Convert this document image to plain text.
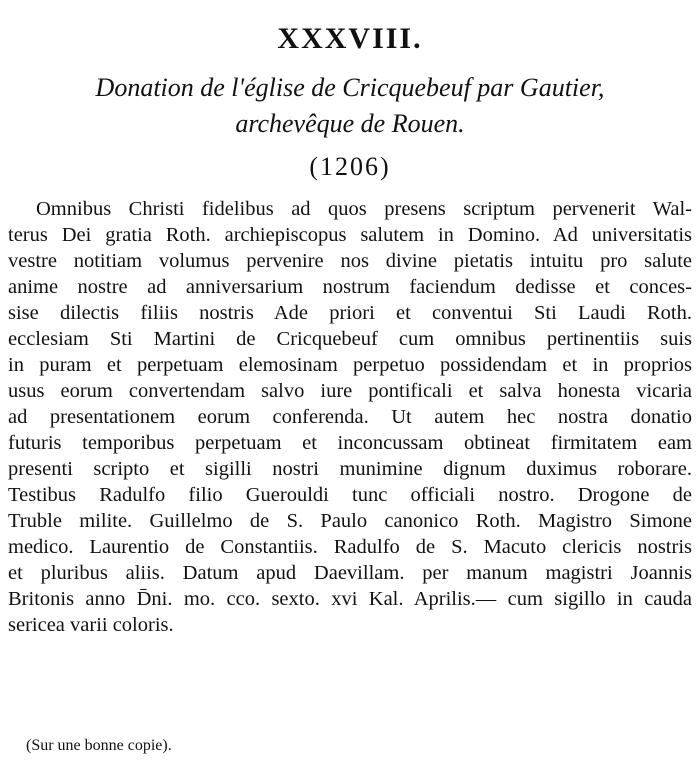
XXXVIII.
Donation de l'église de Cricquebeuf par Gautier,
archevêque de Rouen.
(1206)
Omnibus Christi fidelibus ad quos presens scriptum pervenerit Wal-
terus Dei gratia Roth. archiepiscopus salutem in Domino. Ad universitatis
vestre notitiam volumus pervenire nos divine pietatis intuitu pro salute
anime nostre ad anniversarium nostrum faciendum dedisse et conces-
sise dilectis filiis nostris Ade priori et conventui Sti Laudi Roth.
ecclesiam Sti Martini de Cricquebeuf cum omnibus pertinentiis suis
in puram et perpetuam elemosinam perpetuo possidendam et in proprios
usus eorum convertendam salvo iure pontificali et salva honesta vicaria
ad presentationem eorum conferenda. Ut autem hec nostra donatio
futuris temporibus perpetuam et inconcussam obtineat firmitatem eam
presenti scripto et sigilli nostri munimine dignum duximus roborare.
Testibus Radulfo filio Guerouldi tunc officiali nostro. Drogone de
Truble milite. Guillelmo de S. Paulo canonico Roth. Magistro Simone
medico. Laurentio de Constantiis. Radulfo de S. Macuto clericis nostris
et pluribus aliis. Datum apud Daevillam. per manum magistri Joannis
Britonis anno D̄ni. mo. cco. sexto. xvi Kal. Aprilis.— cum sigillo in cauda
sericea varii coloris.
(Sur une bonne copie).
